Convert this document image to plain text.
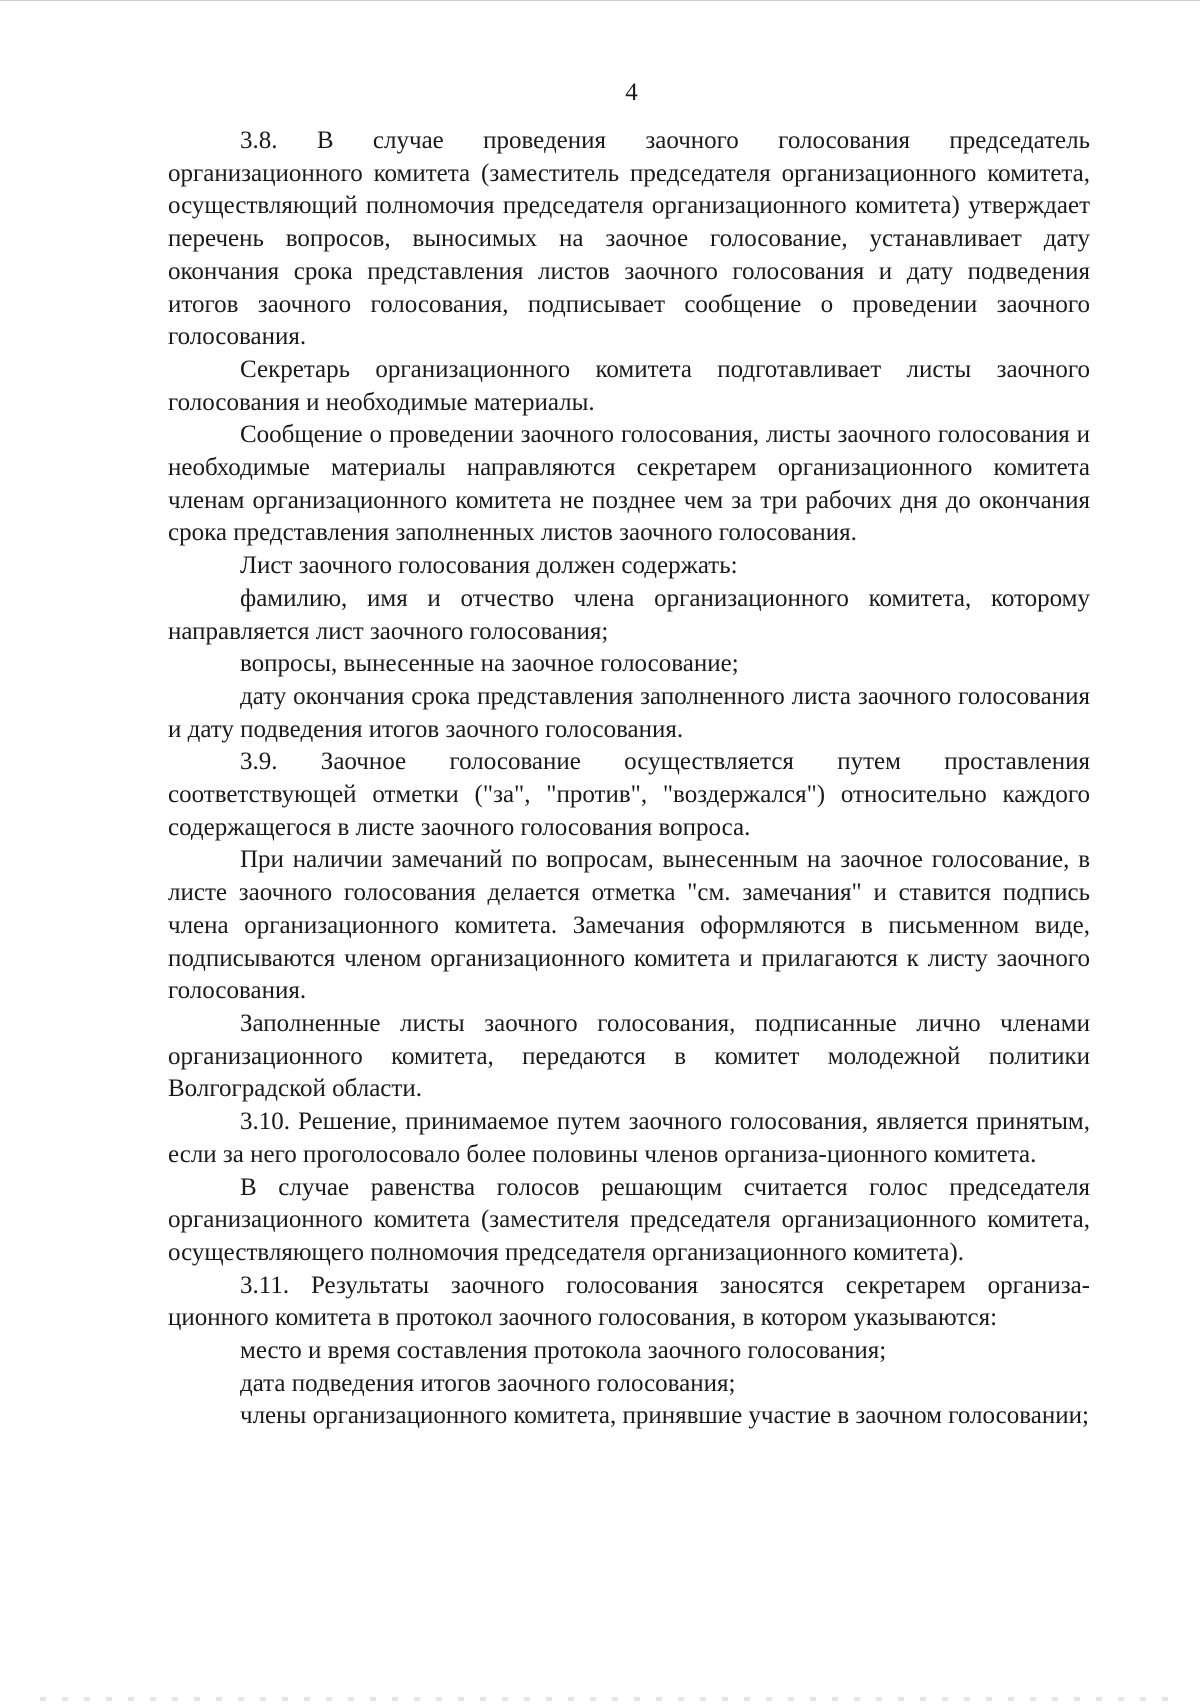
4

3.8. В случае проведения заочного голосования председатель организационного комитета (заместитель председателя организационного комитета, осуществляющий полномочия председателя организационного комитета) утверждает перечень вопросов, выносимых на заочное голосование, устанавливает дату окончания срока представления листов заочного голосования и дату подведения итогов заочного голосования, подписывает сообщение о проведении заочного голосования.

Секретарь организационного комитета подготавливает листы заочного голосования и необходимые материалы.

Сообщение о проведении заочного голосования, листы заочного голосования и необходимые материалы направляются секретарем организационного комитета членам организационного комитета не позднее чем за три рабочих дня до окончания срока представления заполненных листов заочного голосования.

Лист заочного голосования должен содержать:

фамилию, имя и отчество члена организационного комитета, которому направляется лист заочного голосования;

вопросы, вынесенные на заочное голосование;

дату окончания срока представления заполненного листа заочного голосования и дату подведения итогов заочного голосования.

3.9. Заочное голосование осуществляется путем проставления соответствующей отметки ("за", "против", "воздержался") относительно каждого содержащегося в листе заочного голосования вопроса.

При наличии замечаний по вопросам, вынесенным на заочное голосование, в листе заочного голосования делается отметка "см. замечания" и ставится подпись члена организационного комитета. Замечания оформляются в письменном виде, подписываются членом организационного комитета и прилагаются к листу заочного голосования.

Заполненные листы заочного голосования, подписанные лично членами организационного комитета, передаются в комитет молодежной политики Волгоградской области.

3.10. Решение, принимаемое путем заочного голосования, является принятым, если за него проголосовало более половины членов организа-ционного комитета.

В случае равенства голосов решающим считается голос председателя организационного комитета (заместителя председателя организационного комитета, осуществляющего полномочия председателя организационного комитета).

3.11. Результаты заочного голосования заносятся секретарем организа-ционного комитета в протокол заочного голосования, в котором указываются:

место и время составления протокола заочного голосования;

дата подведения итогов заочного голосования;

члены организационного комитета, принявшие участие в заочном голосовании;
